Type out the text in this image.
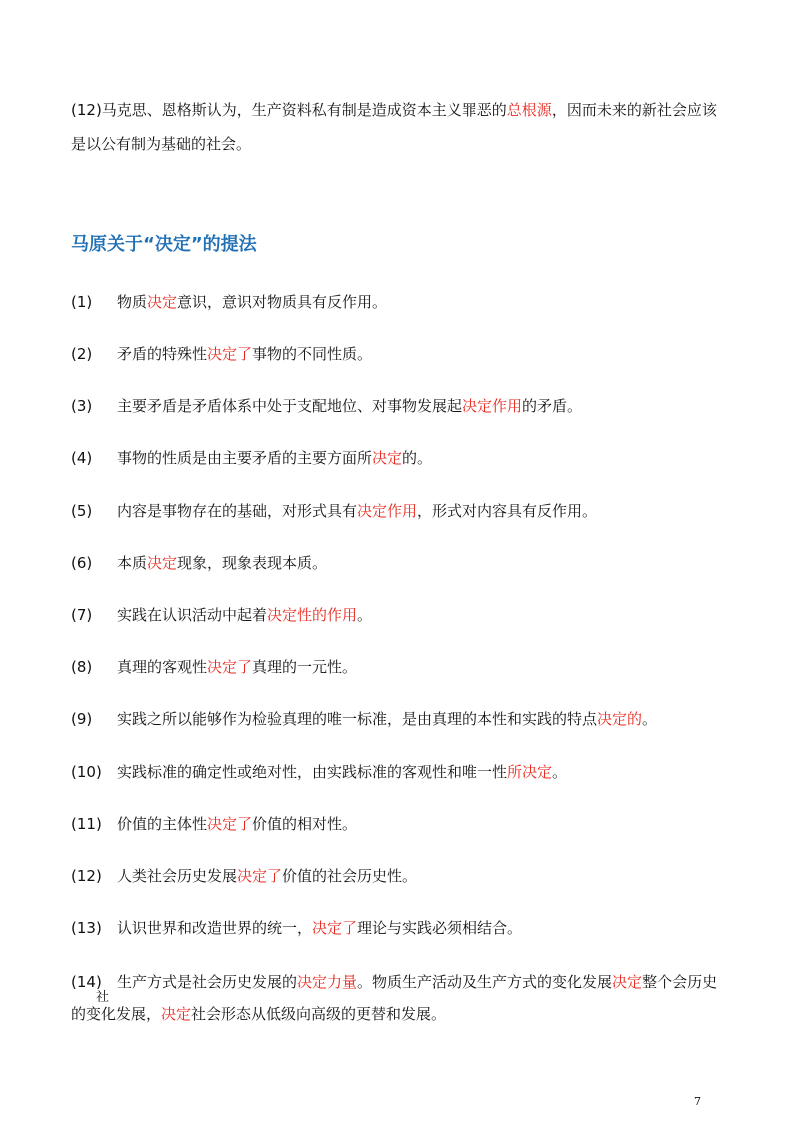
(12)马克思、恩格斯认为，生产资料私有制是造成资本主义罪恶的总根源，因而未来的新社会应该是以公有制为基础的社会。

马原关于“决定”的提法

(1) 物质决定意识，意识对物质具有反作用。

(2) 矛盾的特殊性决定了事物的不同性质。

(3) 主要矛盾是矛盾体系中处于支配地位、对事物发展起决定作用的矛盾。

(4) 事物的性质是由主要矛盾的主要方面所决定的。

(5) 内容是事物存在的基础，对形式具有决定作用，形式对内容具有反作用。

(6) 本质决定现象，现象表现本质。

(7) 实践在认识活动中起着决定性的作用。

(8) 真理的客观性决定了真理的一元性。

(9) 实践之所以能够作为检验真理的唯一标准，是由真理的本性和实践的特点决定的。

(10) 实践标准的确定性或绝对性，由实践标准的客观性和唯一性所决定。

(11) 价值的主体性决定了价值的相对性。

(12) 人类社会历史发展决定了价值的社会历史性。

(13) 认识世界和改造世界的统一，决定了理论与实践必须相结合。

(14) 生产方式是社会历史发展的决定力量。物质生产活动及生产方式的变化发展决定整个会历史的变化发展，决定社会形态从低级向高级的更替和发展。

社
7
